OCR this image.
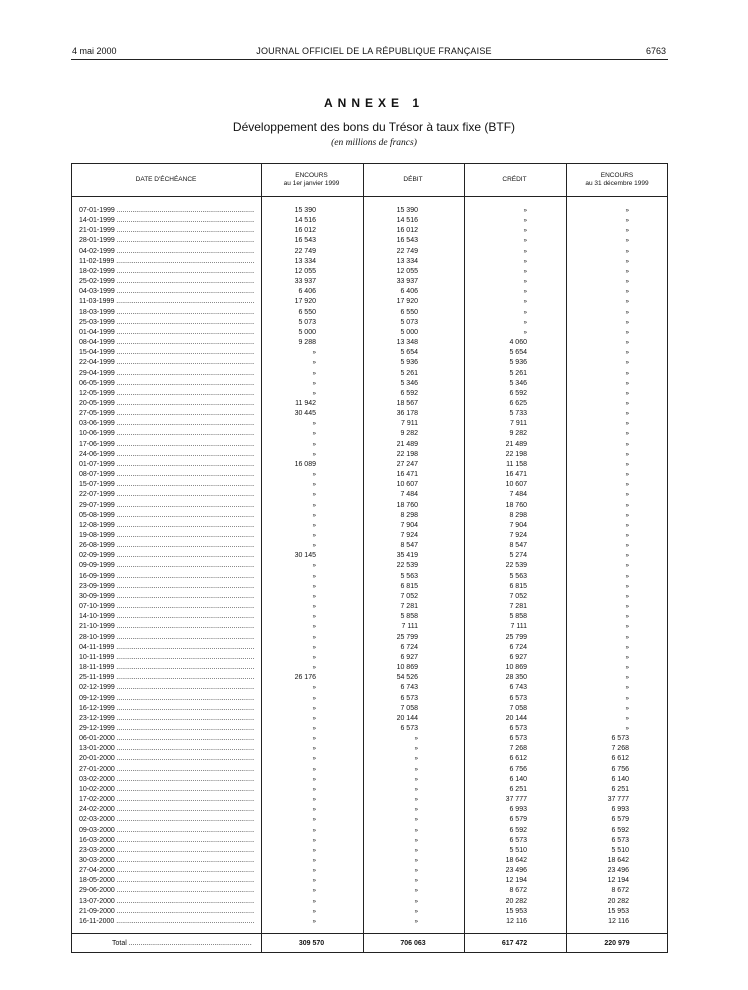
4 mai 2000	JOURNAL OFFICIEL DE LA RÉPUBLIQUE FRANÇAISE	6763
ANNEXE 1
Développement des bons du Trésor à taux fixe (BTF)
(en millions de francs)
DATE D'ÉCHÉANCE
ENCOURS
au 1er janvier 1999
DÉBIT	CRÉDIT
ENCOURS
au 31 décembre 1999
07-01-1999 .....	15 390	15 390	»	»
14-01-1999 .....	14 516	14 516	»	»
21-01-1999 .....	16 012	16 012	»	»
28-01-1999 .....	16 543	16 543	»	»
04-02-1999 .....	22 749	22 749	»	»
11-02-1999 .....	13 334	13 334	»	»
18-02-1999 .....	12 055	12 055	»	»
25-02-1999 .....	33 937	33 937	»	»
04-03-1999 .....	6 406	6 406	»	»
11-03-1999 .....	17 920	17 920	»	»
18-03-1999 .....	6 550	6 550	»	»
25-03-1999 .....	5 073	5 073	»	»
01-04-1999 .....	5 000	5 000	»	»
08-04-1999 .....	9 288	13 348	4 060	»
15-04-1999 .....	»	5 654	5 654	»
22-04-1999 .....	»	5 936	5 936	»
29-04-1999 .....	»	5 261	5 261	»
06-05-1999 .....	»	5 346	5 346	»
12-05-1999 .....	»	6 592	6 592	»
20-05-1999 .....	11 942	18 567	6 625	»
27-05-1999 .....	30 445	36 178	5 733	»
03-06-1999 .....	»	7 911	7 911	»
10-06-1999 .....	»	9 282	9 282	»
17-06-1999 .....	»	21 489	21 489	»
24-06-1999 .....	»	22 198	22 198	»
01-07-1999 .....	16 089	27 247	11 158	»
08-07-1999 .....	»	16 471	16 471	»
15-07-1999 .....	»	10 607	10 607	»
22-07-1999 .....	»	7 484	7 484	»
29-07-1999 .....	»	18 760	18 760	»
05-08-1999 .....	»	8 298	8 298	»
12-08-1999 .....	»	7 904	7 904	»
19-08-1999 .....	»	7 924	7 924	»
26-08-1999 .....	»	8 547	8 547	»
02-09-1999 .....	30 145	35 419	5 274	»
09-09-1999 .....	»	22 539	22 539	»
16-09-1999 .....	»	5 563	5 563	»
23-09-1999 .....	»	6 815	6 815	»
30-09-1999 .....	»	7 052	7 052	»
07-10-1999 .....	»	7 281	7 281	»
14-10-1999 .....	»	5 858	5 858	»
21-10-1999 .....	»	7 111	7 111	»
28-10-1999 .....	»	25 799	25 799	»
04-11-1999 .....	»	6 724	6 724	»
10-11-1999 .....	»	6 927	6 927	»
18-11-1999 .....	»	10 869	10 869	»
25-11-1999 .....	26 176	54 526	28 350	»
02-12-1999 .....	»	6 743	6 743	»
09-12-1999 .....	»	6 573	6 573	»
16-12-1999 .....	»	7 058	7 058	»
23-12-1999 .....	»	20 144	20 144	»
29-12-1999 .....	»	6 573	6 573	»
06-01-2000 .....	»	»	6 573	6 573
13-01-2000 .....	»	»	7 268	7 268
20-01-2000 .....	»	»	6 612	6 612
27-01-2000 .....	»	»	6 756	6 756
03-02-2000 .....	»	»	6 140	6 140
10-02-2000 .....	»	»	6 251	6 251
17-02-2000 .....	»	»	37 777	37 777
24-02-2000 .....	»	»	6 993	6 993
02-03-2000 .....	»	»	6 579	6 579
09-03-2000 .....	»	»	6 592	6 592
16-03-2000 .....	»	»	6 573	6 573
23-03-2000 .....	»	»	5 510	5 510
30-03-2000 .....	»	»	18 642	18 642
27-04-2000 .....	»	»	23 496	23 496
18-05-2000 .....	»	»	12 194	12 194
29-06-2000 .....	»	»	8 672	8 672
13-07-2000 .....	»	»	20 282	20 282
21-09-2000 .....	»	»	15 953	15 953
16-11-2000 .....	»	»	12 116	12 116
Total .....	309 570	706 063	617 472	220 979
